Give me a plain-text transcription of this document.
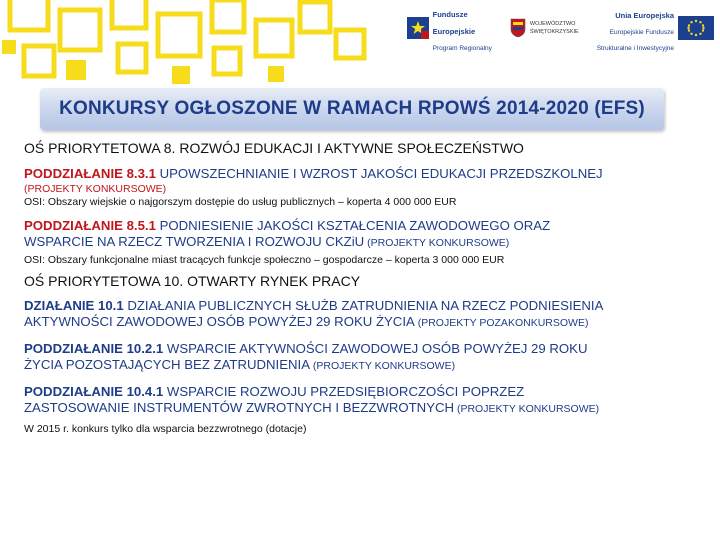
Fundusze

Europejskie

Program Regionalny

WOJEWÓDZTWO
ŚWIĘTOKRZYSKIE

Unia Europejska

Europejskie Fundusze

Strukturalne i Inwestycyjne

KONKURSY OGŁOSZONE W RAMACH RPOWŚ 2014-2020 (EFS)
OŚ PRIORYTETOWA 8. ROZWÓJ EDUKACJI I AKTYWNE SPOŁECZEŃSTWO
PODDZIAŁANIE 8.3.1 UPOWSZECHNIANIE I WZROST JAKOŚCI EDUKACJI PRZEDSZKOLNEJ
(PROJEKTY KONKURSOWE)
OSI: Obszary wiejskie o najgorszym dostępie do usług publicznych – koperta 4 000 000 EUR
PODDZIAŁANIE 8.5.1 PODNIESIENIE JAKOŚCI KSZTAŁCENIA ZAWODOWEGO ORAZ
WSPARCIE NA RZECZ TWORZENIA I ROZWOJU CKZiU (PROJEKTY KONKURSOWE)
OSI: Obszary funkcjonalne miast tracących funkcje społeczno – gospodarcze – koperta 3 000 000 EUR
OŚ PRIORYTETOWA 10. OTWARTY RYNEK PRACY
DZIAŁANIE 10.1 DZIAŁANIA PUBLICZNYCH SŁUŻB ZATRUDNIENIA NA RZECZ PODNIESIENIA
AKTYWNOŚCI ZAWODOWEJ OSÓB POWYŻEJ 29 ROKU ŻYCIA (PROJEKTY POZAKONKURSOWE)
PODDZIAŁANIE 10.2.1 WSPARCIE AKTYWNOŚCI ZAWODOWEJ OSÓB POWYŻEJ 29 ROKU
ŻYCIA POZOSTAJĄCYCH BEZ ZATRUDNIENIA (PROJEKTY KONKURSOWE)
PODDZIAŁANIE 10.4.1 WSPARCIE ROZWOJU PRZEDSIĘBIORCZOŚCI POPRZEZ
ZASTOSOWANIE INSTRUMENTÓW ZWROTNYCH I BEZZWROTNYCH (PROJEKTY KONKURSOWE)
W 2015 r. konkurs tylko dla wsparcia bezzwrotnego (dotacje)
